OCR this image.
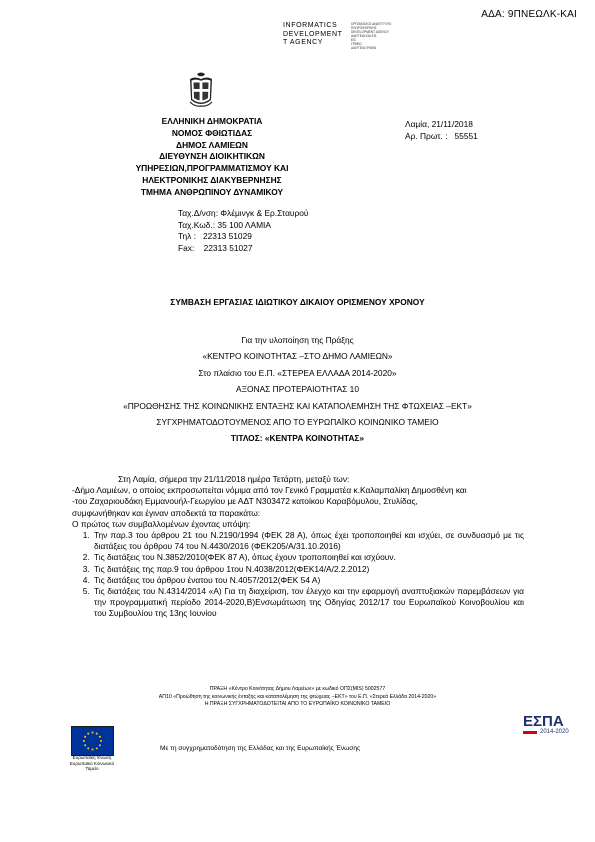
ΑΔΑ: 9ΠΝΕΩΛΚ-ΚΑΙ
INFORMATICS
DEVELOPMENT
T AGENCY

ΟΡΓΑΝΙΣΜΟΣ ΑΝΑΠΤΥΞΗΣ
ΠΛΗΡΟΦΟΡΙΚΗΣ
DEVELOPMENT AGENCY
ΔΙΑΥΓΕΙΑ ΚΑΙ ΕΙΣ
ΕΙΣ
ΓΡΑΦΩ
ΔΙΑΥΓΕΙΑ ΓΡΑΦΩ
ΕΛΛΗΝΙΚΗ ΔΗΜΟΚΡΑΤΙΑ
ΝΟΜΟΣ ΦΘΙΩΤΙΔΑΣ
ΔΗΜΟΣ ΛΑΜΙΕΩΝ
ΔΙΕΥΘΥΝΣΗ ΔΙΟΙΚΗΤΙΚΩΝ
ΥΠΗΡΕΣΙΩΝ,ΠΡΟΓΡΑΜΜΑΤΙΣΜΟΥ ΚΑΙ
ΗΛΕΚΤΡΟΝΙΚΗΣ ΔΙΑΚΥΒΕΡΝΗΣΗΣ
ΤΜΗΜΑ ΑΝΘΡΩΠΙΝΟΥ ΔΥΝΑΜΙΚΟΥ
Ταχ.Δ/νση: Φλέμινγκ & Ερ.Σταυρού
Ταχ.Κωδ.: 35 100 ΛΑΜΙΑ
Τηλ :   22313 51029
Fax:    22313 51027
Λαμία, 21/11/2018
Αρ. Πρωτ. :   55551
ΣΥΜΒΑΣΗ ΕΡΓΑΣΙΑΣ ΙΔΙΩΤΙΚΟΥ ΔΙΚΑΙΟΥ ΟΡΙΣΜΕΝΟΥ ΧΡΟΝΟΥ
Για την υλοποίηση της Πράξης
«ΚΕΝΤΡΟ ΚΟΙΝΟΤΗΤΑΣ –ΣΤΟ ΔΗΜΟ ΛΑΜΙΕΩΝ»
Στο πλαίσιο του Ε.Π. «ΣΤΕΡΕΑ ΕΛΛΑΔΑ 2014-2020»
ΑΞΟΝΑΣ ΠΡΟΤΕΡΑΙΟΤΗΤΑΣ 10
«ΠΡΟΩΘΗΣΗΣ ΤΗΣ ΚΟΙΝΩΝΙΚΗΣ ΕΝΤΑΞΗΣ ΚΑΙ ΚΑΤΑΠΟΛΕΜΗΣΗ ΤΗΣ ΦΤΩΧΕΙΑΣ –ΕΚΤ»
ΣΥΓΧΡΗΜΑΤΟΔΟΤΟΥΜΕΝΟΣ ΑΠΟ ΤΟ ΕΥΡΩΠΑΪΚΟ ΚΟΙΝΩΝΙΚΟ ΤΑΜΕΙΟ
ΤΙΤΛΟΣ: «ΚΕΝΤΡΑ ΚΟΙΝΟΤΗΤΑΣ»

Στη Λαμία, σήμερα την 21/11/2018 ημέρα Τετάρτη, μεταξύ των:

-Δήμο Λαμιέων, ο οποίος εκπροσωπείται νόμιμα από τον Γενικό Γραμματέα κ.Καλαμπαλίκη Δημοσθένη και

-του Ζαχαριουδάκη Εμμανουήλ-Γεωργίου με ΑΔΤ Ν303472 κατοίκου Καραβόμυλου, Στυλίδας,

συμφωνήθηκαν και έγιναν αποδεκτά τα παρακάτω:

Ο πρώτος των συμβαλλομένων έχοντας υπόψη:

1. Την παρ.3 του άρθρου 21 του Ν.2190/1994 (ΦΕΚ 28 Α), όπως έχει τροποποιηθεί και ισχύει, σε συνδυασμό με τις διατάξεις του άρθρου 74 του Ν.4430/2016 (ΦΕΚ205/Α/31.10.2016)
2. Τις διατάξεις του Ν.3852/2010(ΦΕΚ 87 Α), όπως έχουν τροποποιηθεί και ισχύουν.
3. Τις διατάξεις της παρ.9 του άρθρου 1του Ν.4038/2012(ΦΕΚ14/Α/2.2.2012)
4. Τις διατάξεις του άρθρου ένατου του Ν.4057/2012(ΦΕΚ 54 Α)
5. Τις διατάξεις του Ν.4314/2014 «Α) Για τη διαχείριση, τον έλεγχο και την εφαρμογή αναπτυξιακών παρεμβάσεων για την προγραμματική περίοδο 2014-2020,Β)Ενσωμάτωση της Οδηγίας 2012/17 του Ευρωπαϊκού Κοινοβουλίου και του Συμβουλίου της 13ης Ιουνίου
ΠΡΑΞΗ «Κέντρο Κοινότητας Δήμου Λαμιέων» με κωδικό ΟΠΣ(MIS) 5002577
ΑΠ10 «Προώθηση της κοινωνικής ένταξης και καταπολέμηση της φτώχειας –ΕΚΤ» του Ε.Π. «Στερεά Ελλάδα 2014-2020»
Η ΠΡΑΞΗ ΣΥΓΧΡΗΜΑΤΟΔΟΤΕΙΤΑΙ ΑΠΟ ΤΟ ΕΥΡΩΠΑΪΚΟ ΚΟΙΝΩΝΙΚΟ ΤΑΜΕΙΟ
ΕΣΠΑ
2014-2020
Ευρωπαϊκή Ένωση
Ευρωπαϊκό Κοινωνικό
Ταμείο
Με τη συγχρηματοδότηση της Ελλάδας και της Ευρωπαϊκής Ένωσης
